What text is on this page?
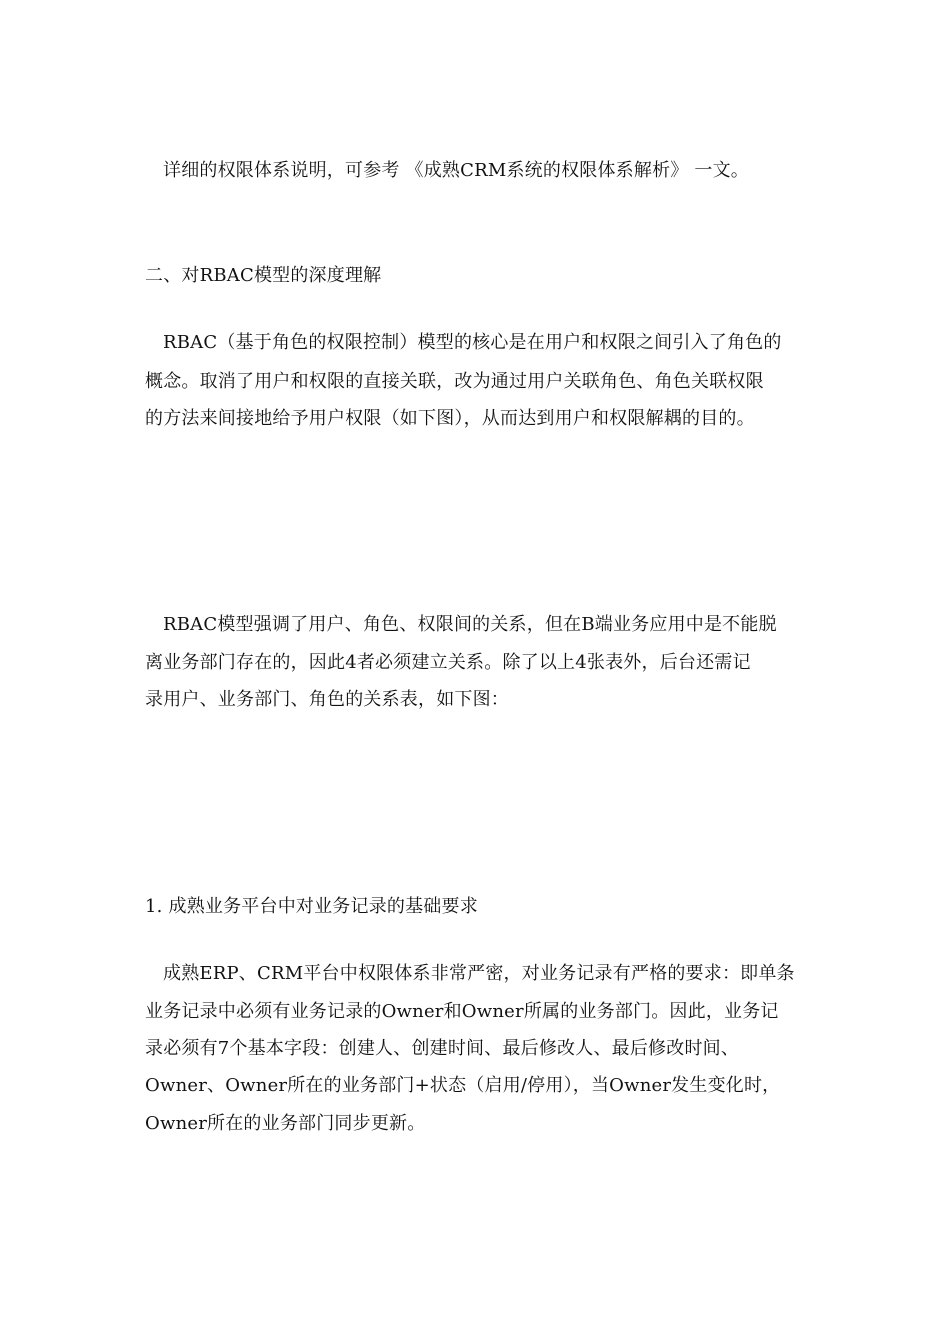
详细的权限体系说明，可参考 《成熟CRM系统的权限体系解析》 一文。
二、对RBAC模型的深度理解
RBAC（基于角色的权限控制）模型的核心是在用户和权限之间引入了角色的
概念。取消了用户和权限的直接关联，改为通过用户关联角色、角色关联权限
的方法来间接地给予用户权限（如下图），从而达到用户和权限解耦的目的。
RBAC模型强调了用户、角色、权限间的关系，但在B端业务应用中是不能脱
离业务部门存在的，因此4者必须建立关系。除了以上4张表外，后台还需记
录用户、业务部门、角色的关系表，如下图：
1. 成熟业务平台中对业务记录的基础要求
成熟ERP、CRM平台中权限体系非常严密，对业务记录有严格的要求：即单条
业务记录中必须有业务记录的Owner和Owner所属的业务部门。因此，业务记
录必须有7个基本字段：创建人、创建时间、最后修改人、最后修改时间、
Owner、Owner所在的业务部门+状态（启用/停用），当Owner发生变化时，
Owner所在的业务部门同步更新。
